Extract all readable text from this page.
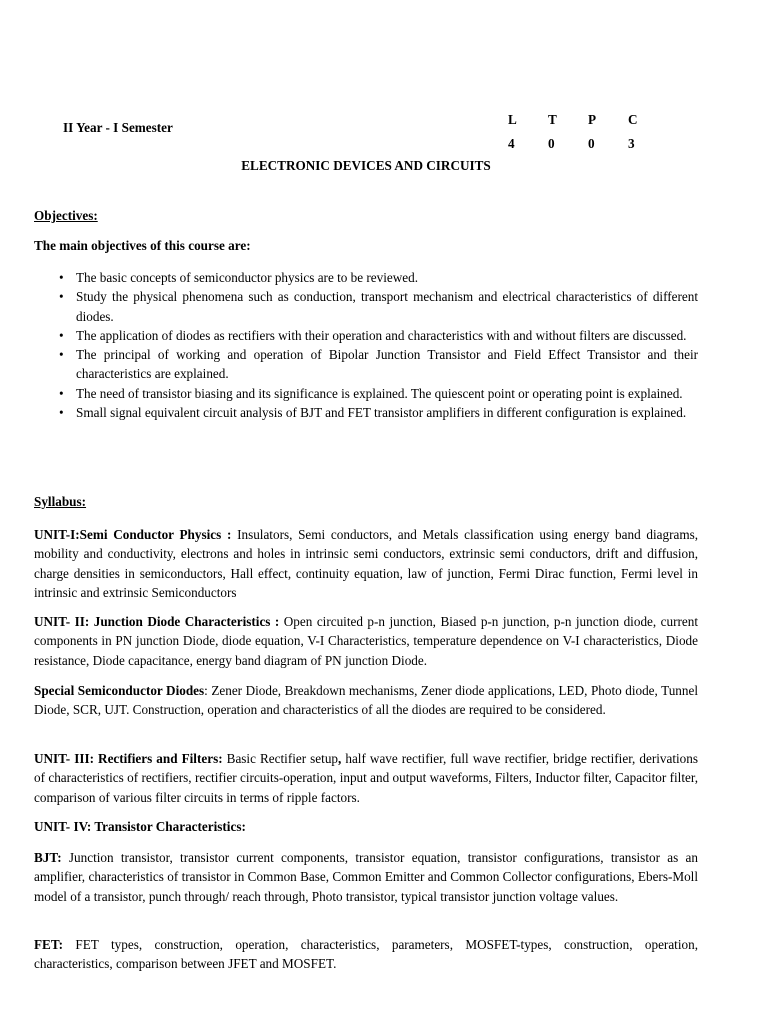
II Year - I Semester
L	T	P	C
4	0	0	3
ELECTRONIC DEVICES AND CIRCUITS
Objectives:
The main objectives of this course are:
• The basic concepts of semiconductor physics are to be reviewed.
• Study the physical phenomena such as conduction, transport mechanism and electrical characteristics of different diodes.
• The application of diodes as rectifiers with their operation and characteristics with and without filters are discussed.
• The principal of working and operation of Bipolar Junction Transistor and Field Effect Transistor and their characteristics are explained.
• The need of transistor biasing and its significance is explained. The quiescent point or operating point is explained.
• Small signal equivalent circuit analysis of BJT and FET transistor amplifiers in different configuration is explained.
Syllabus:

UNIT-I:Semi Conductor Physics : Insulators, Semi conductors, and Metals classification using energy band diagrams, mobility and conductivity, electrons and holes in intrinsic semi conductors, extrinsic semi conductors, drift and diffusion, charge densities in semiconductors, Hall effect, continuity equation, law of junction, Fermi Dirac function, Fermi level in intrinsic and extrinsic Semiconductors

UNIT- II: Junction Diode Characteristics : Open circuited p-n junction, Biased p-n junction, p-n junction diode, current components in PN junction Diode, diode equation, V-I Characteristics, temperature dependence on V-I characteristics, Diode resistance, Diode capacitance, energy band diagram of PN junction Diode.

Special Semiconductor Diodes: Zener Diode, Breakdown mechanisms, Zener diode applications, LED, Photo diode, Tunnel Diode, SCR, UJT. Construction, operation and characteristics of all the diodes are required to be considered.

UNIT- III: Rectifiers and Filters: Basic Rectifier setup, half wave rectifier, full wave rectifier, bridge rectifier, derivations of characteristics of rectifiers, rectifier circuits-operation, input and output waveforms, Filters, Inductor filter, Capacitor filter, comparison of various filter circuits in terms of ripple factors.

UNIT- IV: Transistor Characteristics:

BJT: Junction transistor, transistor current components, transistor equation, transistor configurations, transistor as an amplifier, characteristics of transistor in Common Base, Common Emitter and Common Collector configurations, Ebers-Moll model of a transistor, punch through/ reach through, Photo transistor, typical transistor junction voltage values.

FET: FET types, construction, operation, characteristics, parameters, MOSFET-types, construction, operation, characteristics, comparison between JFET and MOSFET.
